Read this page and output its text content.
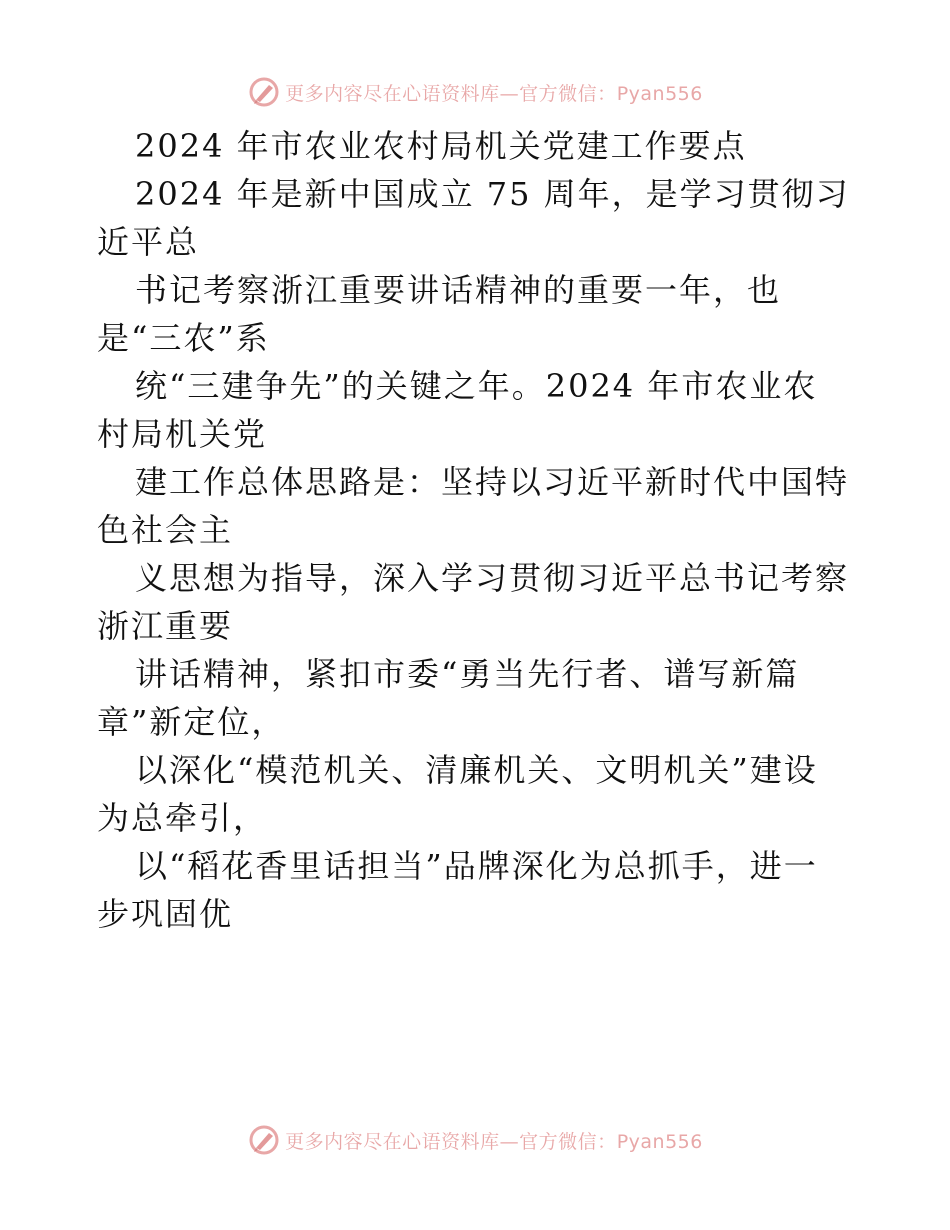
更多内容尽在心语资料库—官方微信：Pyan556
2024 年市农业农村局机关党建工作要点
2024 年是新中国成立 75 周年，是学习贯彻习
近平总
书记考察浙江重要讲话精神的重要一年，也
是“三农”系
统“三建争先”的关键之年。2024 年市农业农
村局机关党
建工作总体思路是：坚持以习近平新时代中国特
色社会主
义思想为指导，深入学习贯彻习近平总书记考察
浙江重要
讲话精神，紧扣市委“勇当先行者、谱写新篇
章”新定位，
以深化“模范机关、清廉机关、文明机关”建设
为总牵引，
以“稻花香里话担当”品牌深化为总抓手，进一
步巩固优
更多内容尽在心语资料库—官方微信：Pyan556
